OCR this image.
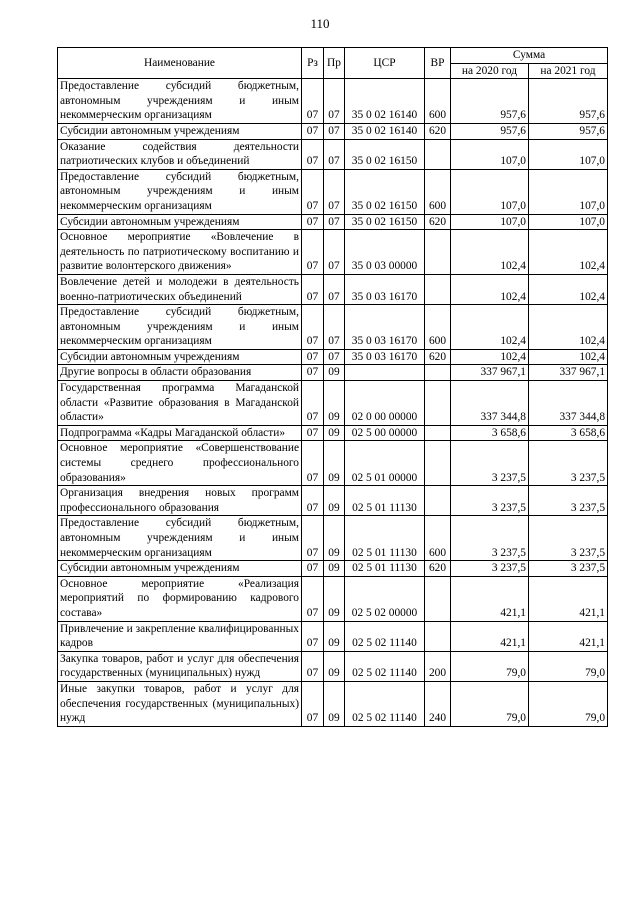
110
Наименование	Рз	Пр	ЦСР	ВР	Сумма	
					на 2020 год	на 2021 год
Предоставление субсидий бюджетным, автономным учреждениям и иным некоммерческим организациям	07	07	35 0 02 16140	600	957,6	957,6
Субсидии автономным учреждениям	07	07	35 0 02 16140	620	957,6	957,6
Оказание содействия деятельности патриотических клубов и объединений	07	07	35 0 02 16150		107,0	107,0
Предоставление субсидий бюджетным, автономным учреждениям и иным некоммерческим организациям	07	07	35 0 02 16150	600	107,0	107,0
Субсидии автономным учреждениям	07	07	35 0 02 16150	620	107,0	107,0
Основное мероприятие «Вовлечение в деятельность по патриотическому воспитанию и развитие волонтерского движения»	07	07	35 0 03 00000		102,4	102,4
Вовлечение детей и молодежи в деятельность военно-патриотических объединений	07	07	35 0 03 16170		102,4	102,4
Предоставление субсидий бюджетным, автономным учреждениям и иным некоммерческим организациям	07	07	35 0 03 16170	600	102,4	102,4
Субсидии автономным учреждениям	07	07	35 0 03 16170	620	102,4	102,4
Другие вопросы в области образования	07	09			337 967,1	337 967,1
Государственная программа Магаданской области «Развитие образования в Магаданской области»	07	09	02 0 00 00000		337 344,8	337 344,8
Подпрограмма «Кадры Магаданской области»	07	09	02 5 00 00000		3 658,6	3 658,6
Основное мероприятие «Совершенствование системы среднего профессионального образования»	07	09	02 5 01 00000		3 237,5	3 237,5
Организация внедрения новых программ профессионального образования	07	09	02 5 01 11130		3 237,5	3 237,5
Предоставление субсидий бюджетным, автономным учреждениям и иным некоммерческим организациям	07	09	02 5 01 11130	600	3 237,5	3 237,5
Субсидии автономным учреждениям	07	09	02 5 01 11130	620	3 237,5	3 237,5
Основное мероприятие «Реализация мероприятий по формированию кадрового состава»	07	09	02 5 02 00000		421,1	421,1
Привлечение и закрепление квалифицированных кадров	07	09	02 5 02 11140		421,1	421,1
Закупка товаров, работ и услуг для обеспечения государственных (муниципальных) нужд	07	09	02 5 02 11140	200	79,0	79,0
Иные закупки товаров, работ и услуг для обеспечения государственных (муниципальных) нужд	07	09	02 5 02 11140	240	79,0	79,0
